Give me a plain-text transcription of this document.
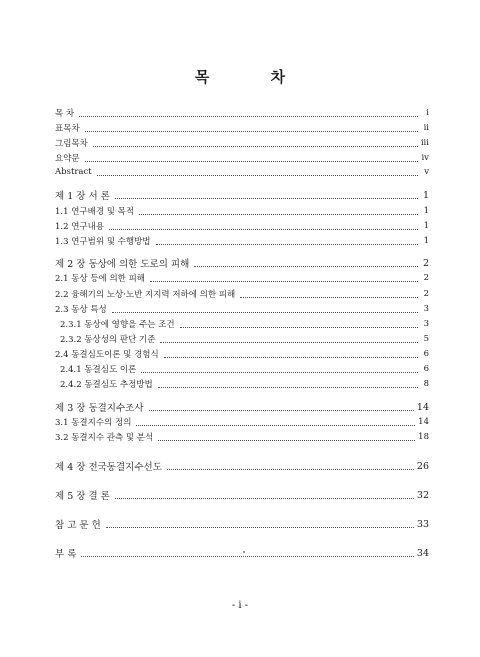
목 차
목 차	i
표목차	ii
그림목차	iii
요약문	iv
Abstract	v
제 1 장 서 론	1
1.1 연구배경 및 목적	1
1.2 연구내용	1
1.3 연구범위 및 수행방법	1
제 2 장 동상에 의한 도로의 피해	2
2.1 동상 등에 의한 피해	2
2.2 융해기의 노상·노반 지지력 저하에 의한 피해	2
2.3 동상 특성	3
2.3.1 동상에 영향을 주는 조건	3
2.3.2 동상성의 판단 기준	5
2.4 동결심도이론 및 경험식	6
2.4.1 동결심도 이론	6
2.4.2 동결심도 추정방법	8
제 3 장 동결지수조사	14
3.1 동결지수의 정의	14
3.2 동결지수 관측 및 분석	18
제 4 장 전국동결지수선도	26
제 5 장 결 론	32
참 고 문 헌	33
부 록	34
- i -
